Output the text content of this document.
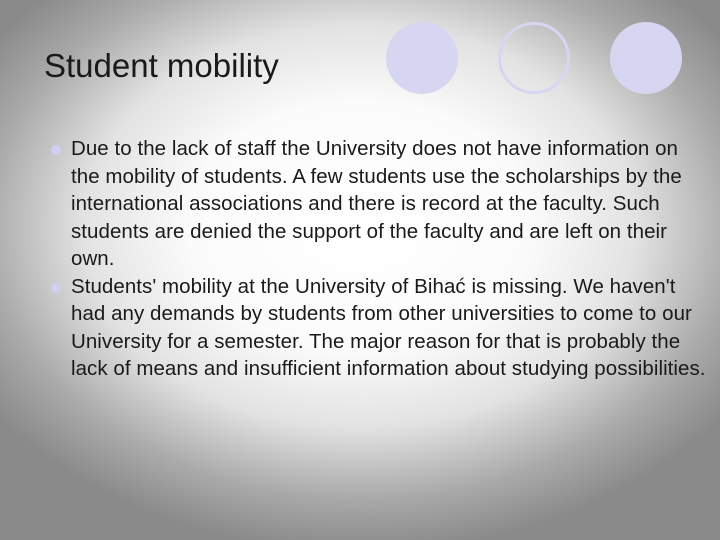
Student mobility
Due to the lack of staff the University does not have information on the mobility of students. A few students use the scholarships by the international associations and there is record at the faculty. Such students are denied the support of the faculty and are left on their own.
Students' mobility at the University of Bihać is missing. We haven't had any demands by students from other universities to come to our University for a semester. The major reason for that is probably the lack of means and insufficient information about studying possibilities.
